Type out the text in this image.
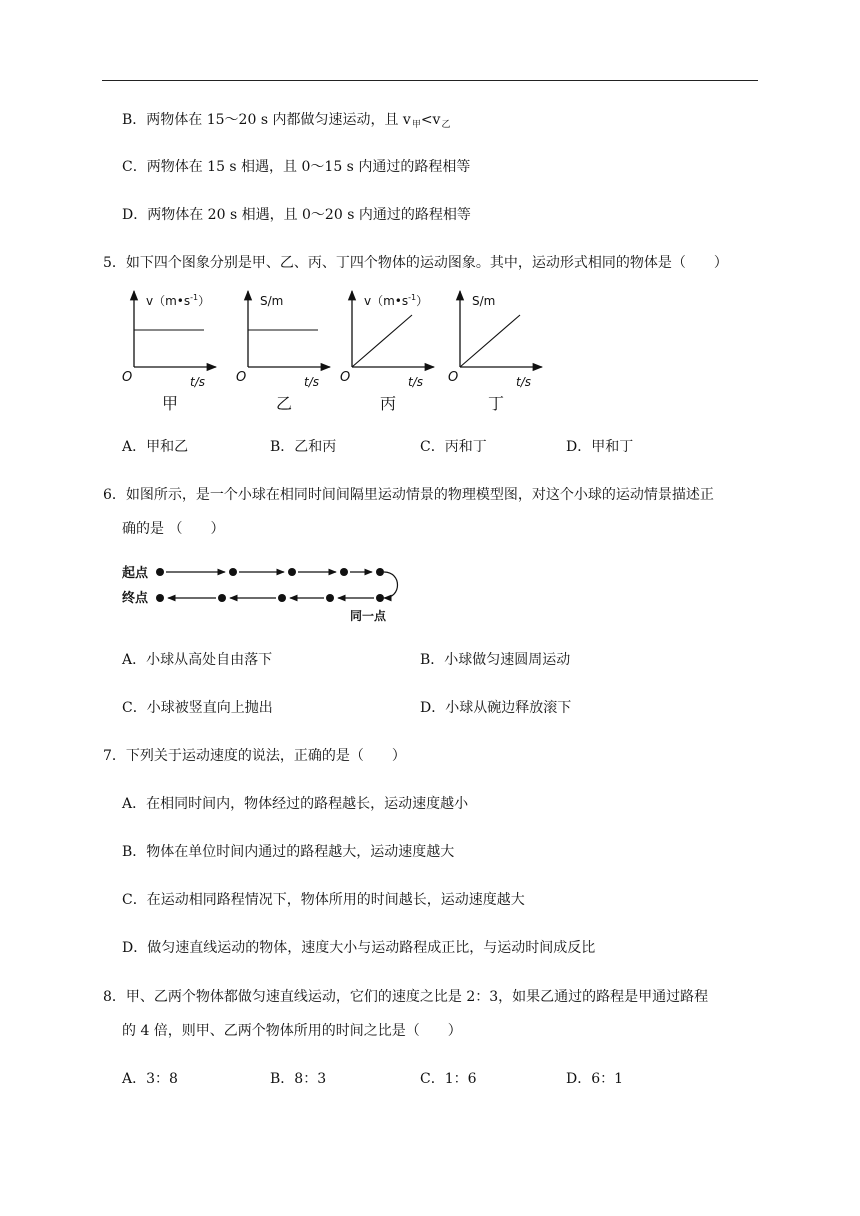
B．两物体在 15～20 s 内都做匀速运动，且 $v_甲<v_乙$
C．两物体在 15 s 相遇，且 0～15 s 内通过的路程相等
D．两物体在 20 s 相遇，且 0～20 s 内通过的路程相等
5．如下四个图象分别是甲、乙、丙、丁四个物体的运动图象。其中，运动形式相同的物体是（　　）
$v(m•s^{-1})$
O	t/s
甲
S/m
O	t/s
乙
$v(m•s^{-1})$
O	t/s
丙
S/m
O	t/s
丁
A．甲和乙	B．乙和丙	C．丙和丁	D．甲和丁
6．如图所示，是一个小球在相同时间间隔里运动情景的物理模型图，对这个小球的运动情景描述正
确的是 （　　）
起点
终点
同一点
A．小球从高处自由落下	B．小球做匀速圆周运动
C．小球被竖直向上抛出	D．小球从碗边释放滚下
7．下列关于运动速度的说法，正确的是（　　）
A．在相同时间内，物体经过的路程越长，运动速度越小
B．物体在单位时间内通过的路程越大，运动速度越大
C．在运动相同路程情况下，物体所用的时间越长，运动速度越大
D．做匀速直线运动的物体，速度大小与运动路程成正比，与运动时间成反比
8．甲、乙两个物体都做匀速直线运动，它们的速度之比是 2：3，如果乙通过的路程是甲通过路程
的 4 倍，则甲、乙两个物体所用的时间之比是（　　）
A．3：8	B．8：3	C．1：6	D．6：1
